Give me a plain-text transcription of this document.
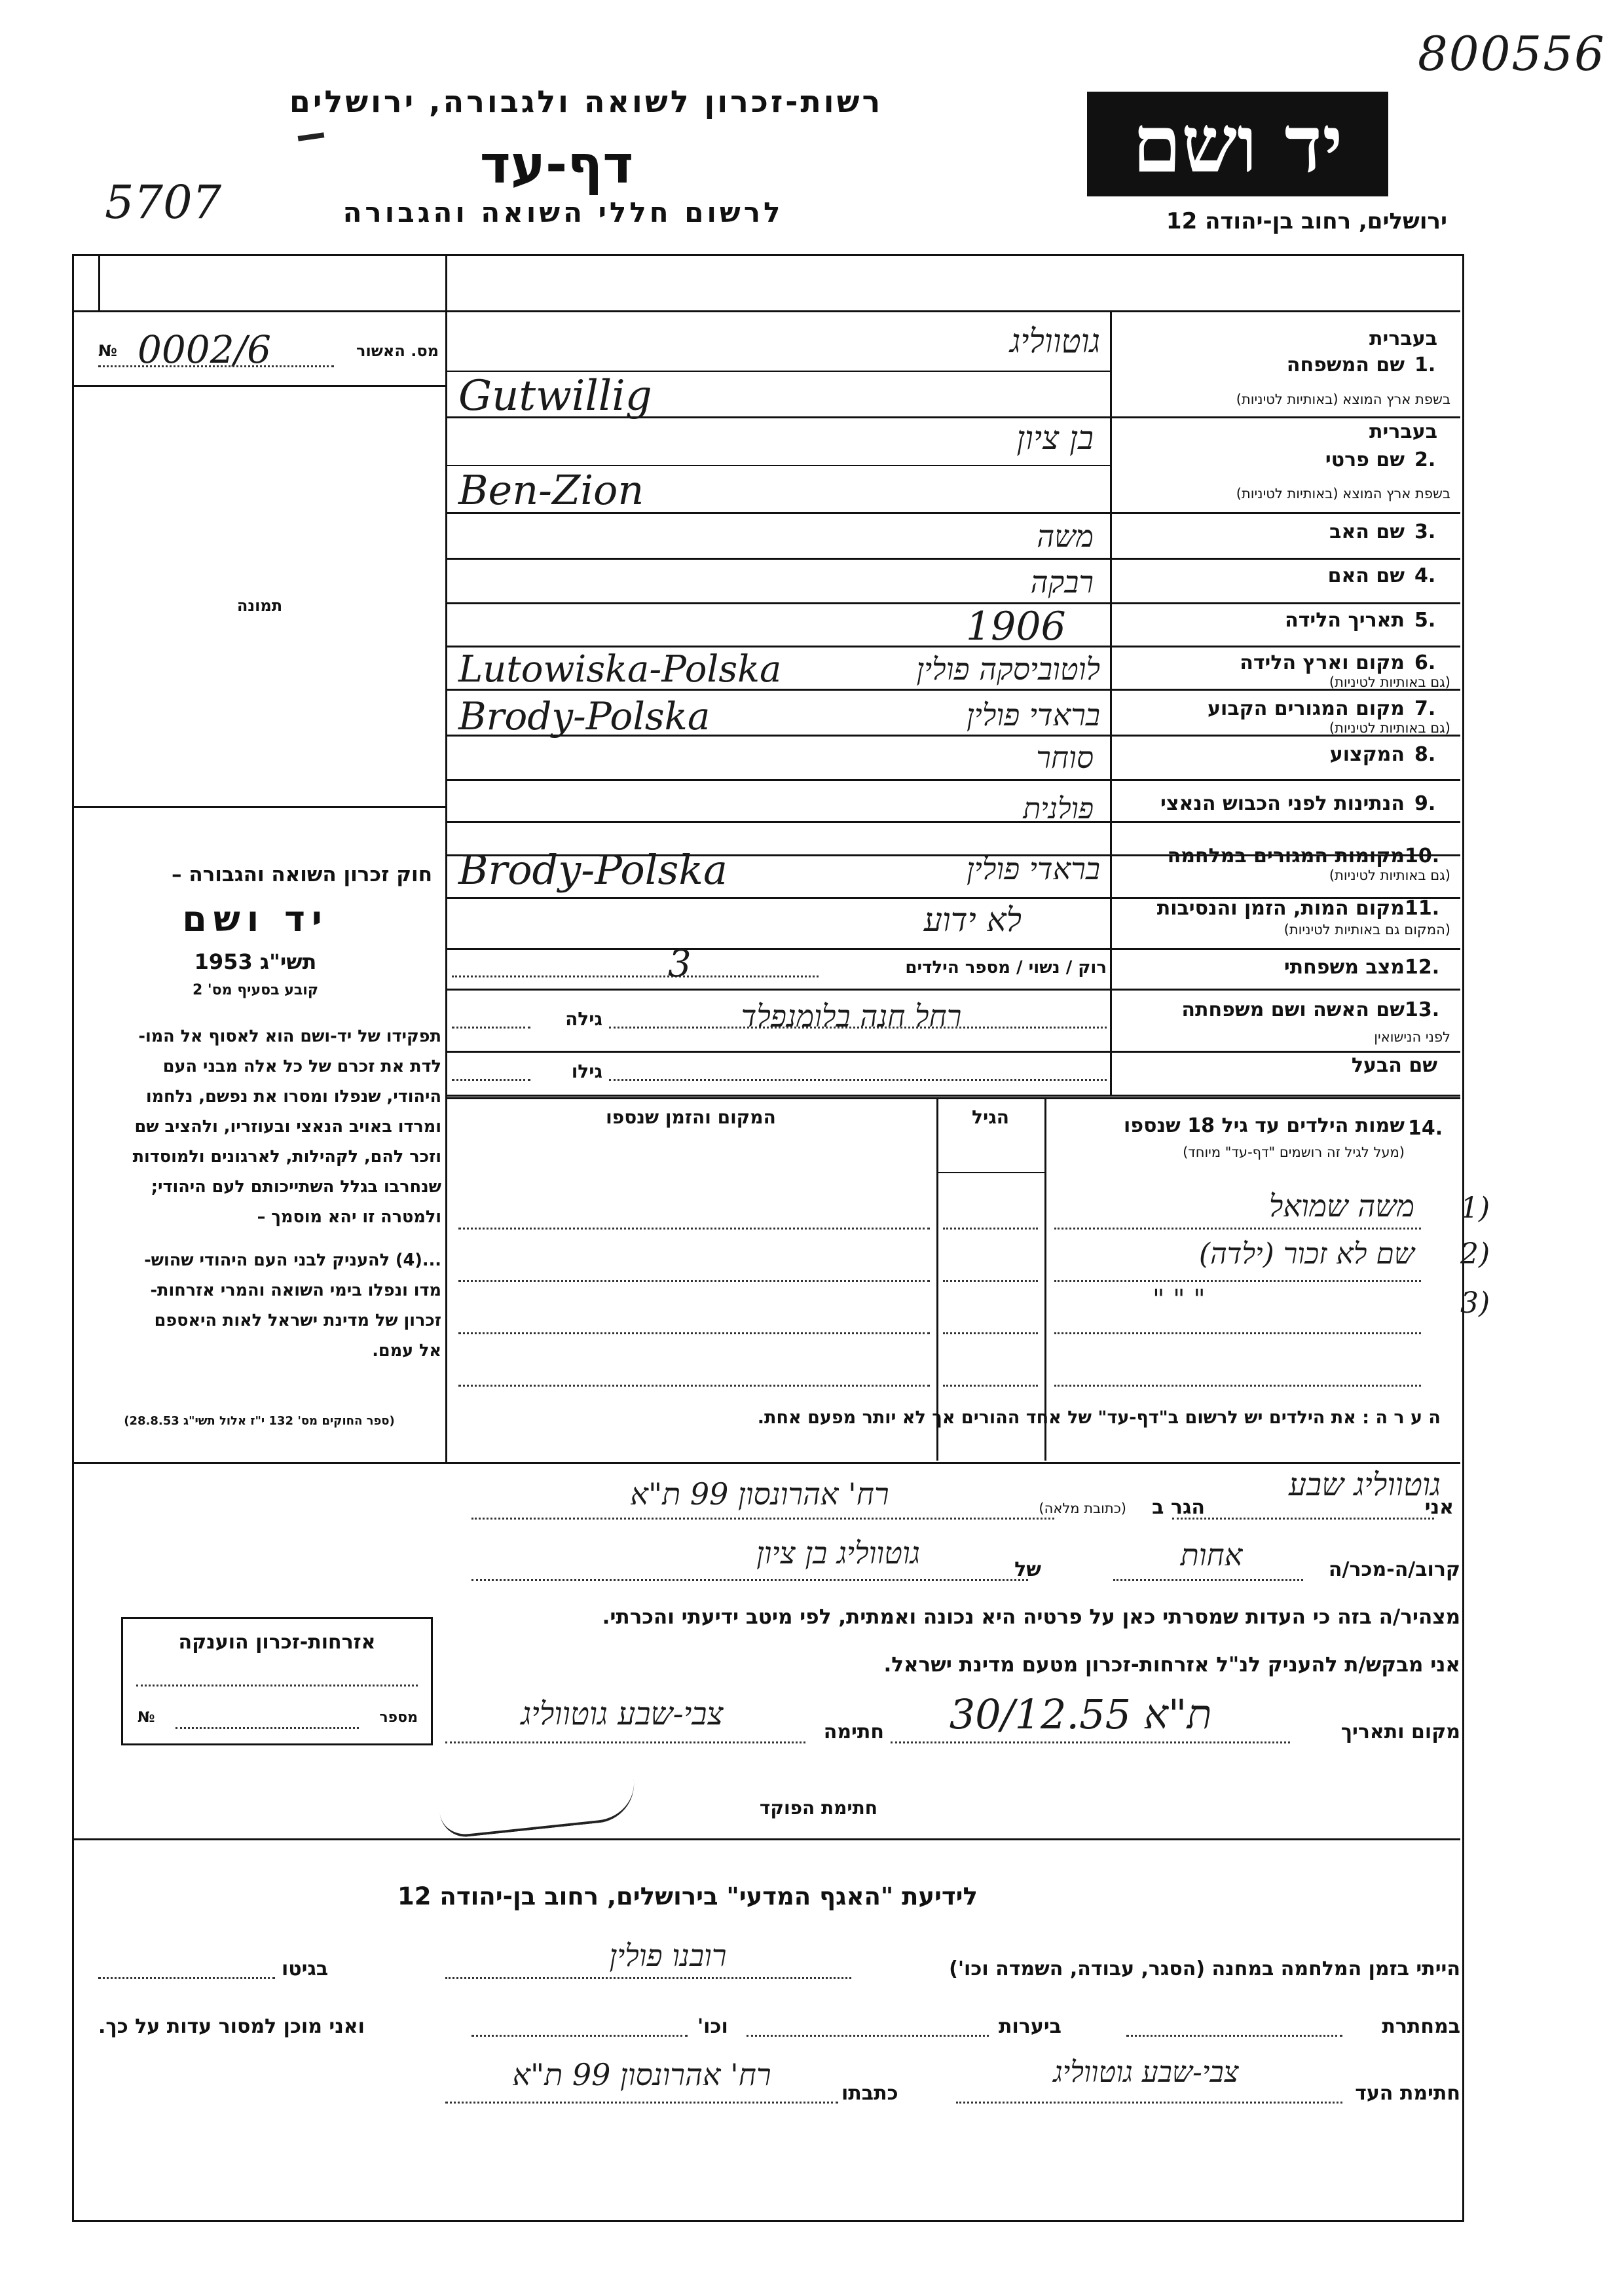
800556
5707
רשות-זכרון לשואה ולגבורה, ירושלים
דף-עד
לרשום חללי השואה והגבורה
יד ושם
ירושלים, רחוב בן-יהודה 12
№ 0002/6	מס. האשור
תמונה
חוק זכרון השואה והגבורה –
יד ושם
תשי"ג 1953
קובע בסעיף מס' 2
תפקידו של יד-ושם הוא לאסוף אל המו-
לדת את זכרם של כל אלה מבני העם
היהודי, שנפלו ומסרו את נפשם, נלחמו
ומרדו באויב הנאצי ובעוזריו, ולהציב שם
וזכר להם, לקהילות, לארגונים ולמוסדות
שנחרבו בגלל השתייכותם לעם היהודי;
ולמטרה זו יהא מוסמך –
...(4) להעניק לבני העם היהודי שהוש-
מדו ונפלו בימי השואה והמרי אזרחות-
זכרון של מדינת ישראל לאות היאספם
אל עמם.
(ספר החוקים מס' 132 י"ז אלול תשי"ג 28.8.53)
1.
שם המשפחה
בשפת ארץ המוצא (באותיות לטיניות)
2.
שם פרטי
בשפת ארץ המוצא (באותיות לטיניות)
3.
שם האב
4.
שם האם
5.
תאריך הלידה
6.
מקום וארץ הלידה
(גם באותיות לטיניות)
7.
מקום המגורים הקבוע
(גם באותיות לטיניות)
8.
המקצוע
9.
הנתינות לפני הכבוש הנאצי
10.
מקומות המגורים במלחמה
(גם באותיות לטיניות)
11.
מקום המות, הזמן והנסיבות
(המקום גם באותיות לטיניות)
12.
מצב משפחתי
13.
שם האשה ושם משפחתה
לפני הנישואין
שם הבעל
בעברית
בעברית
גוטווליג
Gutwillig
בן ציון
Ben-Zion
משה
רבקה
1906
Lutowiska-Polska	לוטוביסקה פולין
Brody-Polska	בראדי פולין
סוחר
פולנית
Brody-Polska	בראדי פולין
לא ידוע
רוק / נשוי / מספר הילדים
3
גילה	רחל חנה בלומנפלד
גילו
14.
שמות הילדים עד גיל 18 שנספו
(מעל לגיל זה רושמים "דף-עד" מיוחד)
הגיל
המקום והזמן שנספו
משה שמואל
שם לא זכור (ילדה)
" " "
1)
2)
3)
ה ע ר ה : את הילדים יש לרשום ב"דף-עד" של אחד ההורים אך לא יותר מפעם אחת.
אני
גוטווליג שבע
הגר ב
(כתובת מלאה)
רח' אהרונסון 99 ת"א
קרוב/ה-מכר/ה
אחות
של
גוטווליג בן ציון
מצהיר/ה בזה כי העדות שמסרתי כאן על פרטיה היא נכונה ואמתית, לפי מיטב ידיעתי והכרתי.
אני מבקש/ת להעניק לנ"ל אזרחות-זכרון מטעם מדינת ישראל.
מקום ותאריך
ת"א 30/12.55
חתימה
צבי-שבע גוטווליג
חתימת הפוקד
אזרחות-זכרון הוענקה
מספר
№
לידיעת "האגף המדעי" בירושלים, רחוב בן-יהודה 12
הייתי בזמן המלחמה במחנה (הסגר, עבודה, השמדה וכו')
רובנו פולין
בגיטו
במחתרת
ביערות
וכו'
ואני מוכן למסור עדות על כך.
חתימת העד
צבי-שבע גוטווליג
כתבתו
רח' אהרונסון 99 ת"א
